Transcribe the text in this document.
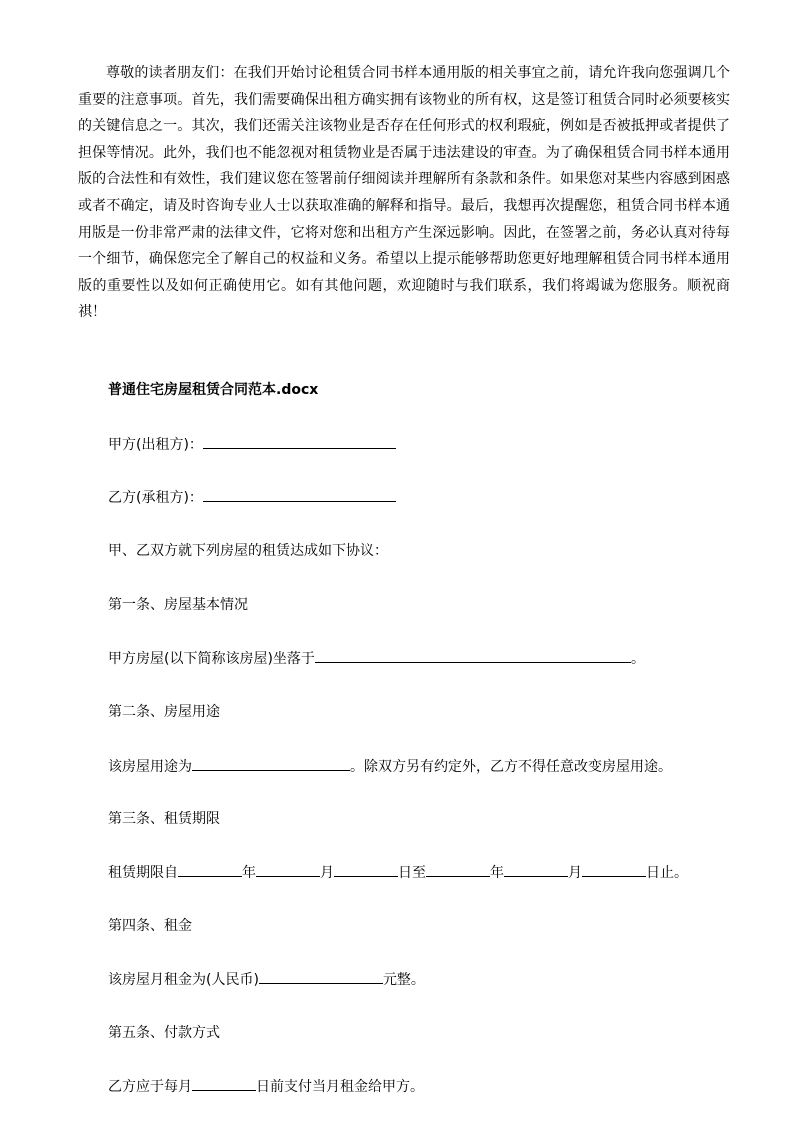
尊敬的读者朋友们：在我们开始讨论租赁合同书样本通用版的相关事宜之前，请允许我向您强调几个重要的注意事项。首先，我们需要确保出租方确实拥有该物业的所有权，这是签订租赁合同时必须要核实的关键信息之一。其次，我们还需关注该物业是否存在任何形式的权利瑕疵，例如是否被抵押或者提供了担保等情况。此外，我们也不能忽视对租赁物业是否属于违法建设的审查。为了确保租赁合同书样本通用版的合法性和有效性，我们建议您在签署前仔细阅读并理解所有条款和条件。如果您对某些内容感到困惑或者不确定，请及时咨询专业人士以获取准确的解释和指导。最后，我想再次提醒您，租赁合同书样本通用版是一份非常严肃的法律文件，它将对您和出租方产生深远影响。因此，在签署之前，务必认真对待每一个细节，确保您完全了解自己的权益和义务。希望以上提示能够帮助您更好地理解租赁合同书样本通用版的重要性以及如何正确使用它。如有其他问题，欢迎随时与我们联系，我们将竭诚为您服务。顺祝商祺！

普通住宅房屋租赁合同范本.docx

甲方(出租方)：

乙方(承租方)：

甲、乙双方就下列房屋的租赁达成如下协议：

第一条、房屋基本情况

甲方房屋(以下简称该房屋)坐落于	。

第二条、房屋用途

该房屋用途为	。除双方另有约定外，乙方不得任意改变房屋用途。

第三条、租赁期限

租赁期限自	年	月	日至	年	月	日止。

第四条、租金

该房屋月租金为(人民币)	元整。

第五条、付款方式

乙方应于每月	日前支付当月租金给甲方。
